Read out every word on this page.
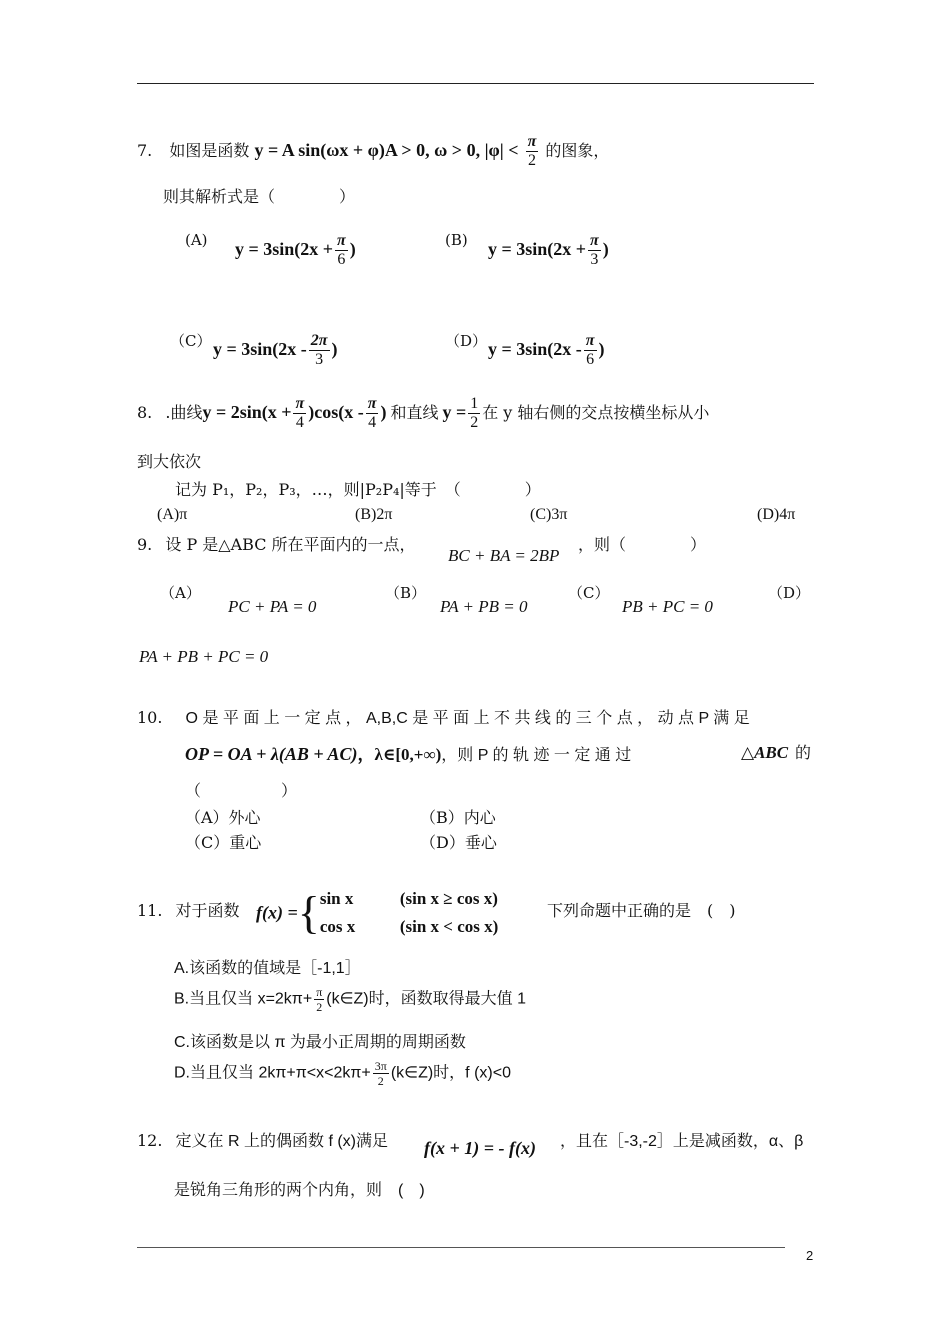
7. 如图是函数 y = A sin(ωx + φ)A > 0, ω > 0, $|\varphi| < \frac{\pi}{2}$ 的图象，
则其解析式是（　　　　）
(A) $y = 3\sin(2x + \frac{\pi}{6}$ )	(B) $y = 3\sin(2x + \frac{\pi}{3}$ )
（C） $y = 3\sin(2x - \frac{2\pi}{3}$ )	（D） $y = 3\sin(2x - \frac{\pi}{6}$ )
8. .曲线$y = 2\sin(x + \frac{\pi}{4} )\cos(x - \frac{\pi}{4}$ ) 和直线 $y = \frac{1}{2}$ 在 y 轴右侧的交点按横坐标从小
到大依次
记为 P₁，P₂，P₃，…，则|P₂P₄|等于　（　　　　）
(A)π	(B)2π	(C)3π	(D)4π
9. 设 P 是△ABC 所在平面内的一点，
BC + BA = 2BP
，则（　　　　）
（A）
PC + PA = 0
（B）
PA + PB = 0
（C）
PB + PC = 0
（D）
PA + PB + PC = 0
10. O 是 平 面 上 一 定 点 ， A,B,C 是 平 面 上 不 共 线 的 三 个 点 ， 动 点 P 满 足
OP = OA + λ(AB + AC)，λ∈[0,+∞)，则 P 的 轨 迹 一 定 通 过	△ABC 的
（　　　　　）
（A）外心	（B）内心
（C）重心	（D）垂心
11. 对于函数 f(x) ={ sin x
cos x
(sin x ≥ cos x)
(sin x < cos x)
下列命题中正确的是　(　)
A.该函数的值域是［-1,1］
B.当且仅当 $x=2k\pi+ \frac{\pi}{2}$ (k∈Z)时，函数取得最大值 1
C.该函数是以 π 为最小正周期的周期函数
D.当且仅当 $2k\pi+\pi<x<2k\pi+ \frac{3\pi}{2}$ (k∈Z)时，f (x)<0
12. 定义在 R 上的偶函数 f (x)满足 f(x + 1) = - f(x) ，且在［-3,-2］上是减函数，α、β
是锐角三角形的两个内角，则　(　)
2
